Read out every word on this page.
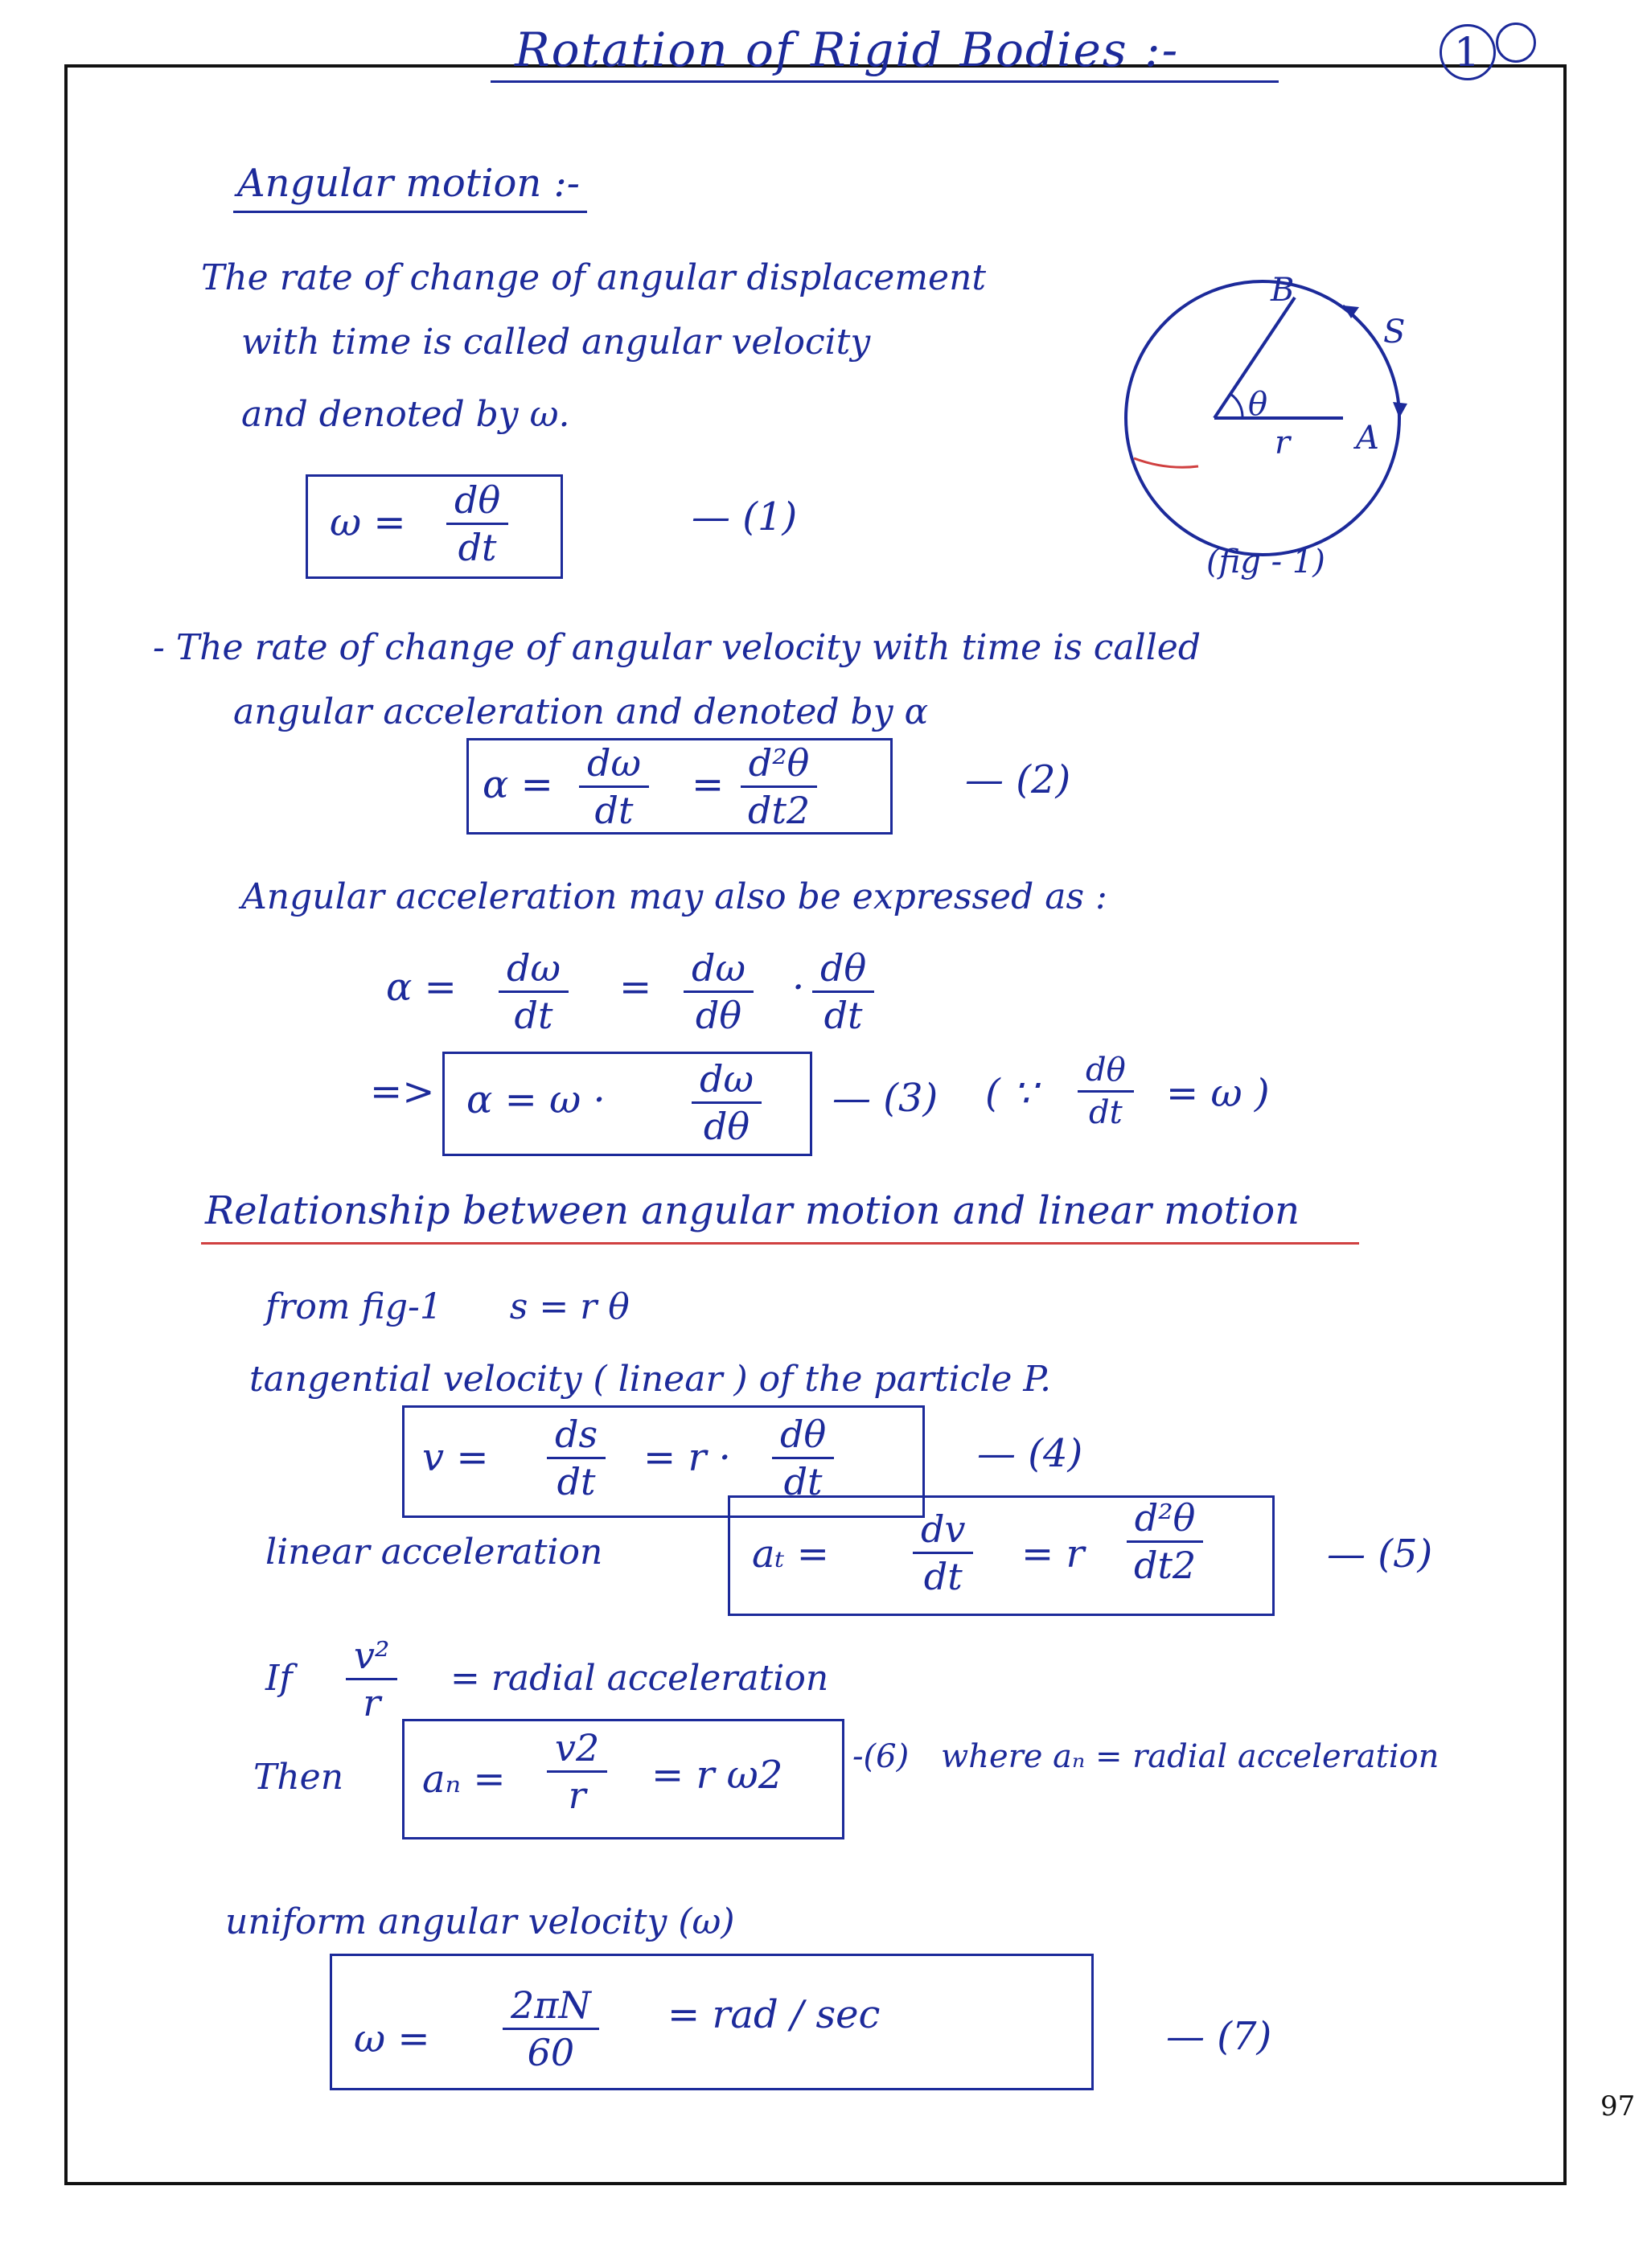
Rotation of Rigid Bodies :-	1
Angular motion :-
The rate of change of angular displacement
with time is called angular velocity
and denoted by ω.
$\omega = \frac{d\theta}{dt}$	— (1)
B
S
θ
r A
(fig - 1)
- The rate of change of angular velocity with time is called
angular acceleration and denoted by α
$\alpha = \frac{d\omega}{dt} = \frac{\text{d²θ}}{dt2}$	— (2)
Angular acceleration may also be expressed as :
$\alpha = \frac{d\omega}{dt} = \frac{d\omega}{d\theta} \cdot \frac{d\theta}{dt}$
=> $\alpha = \omega \cdot \frac{d\omega}{d\theta}$ — (3) ( ∵ $\frac{d\theta}{dt} = \omega$ )
Relationship between angular motion and linear motion
from fig-1      s = r θ
tangential velocity ( linear ) of the particle P.
$v = \frac{ds}{dt} = r \cdot \frac{d\theta}{dt}$	— (4)
linear acceleration	$a_t = \frac{dv}{dt} = r \frac{\text{d²θ}}{dt2}$	— (5)
If $\frac{\text{v²}}{r}$ = radial acceleration
Then $a_n = \frac{v2}{r} = r$ ω2 -(6) where aₙ = radial acceleration
uniform angular velocity (ω)
$\omega = \frac{2\pi N}{60}$ = rad / sec	— (7)
97
